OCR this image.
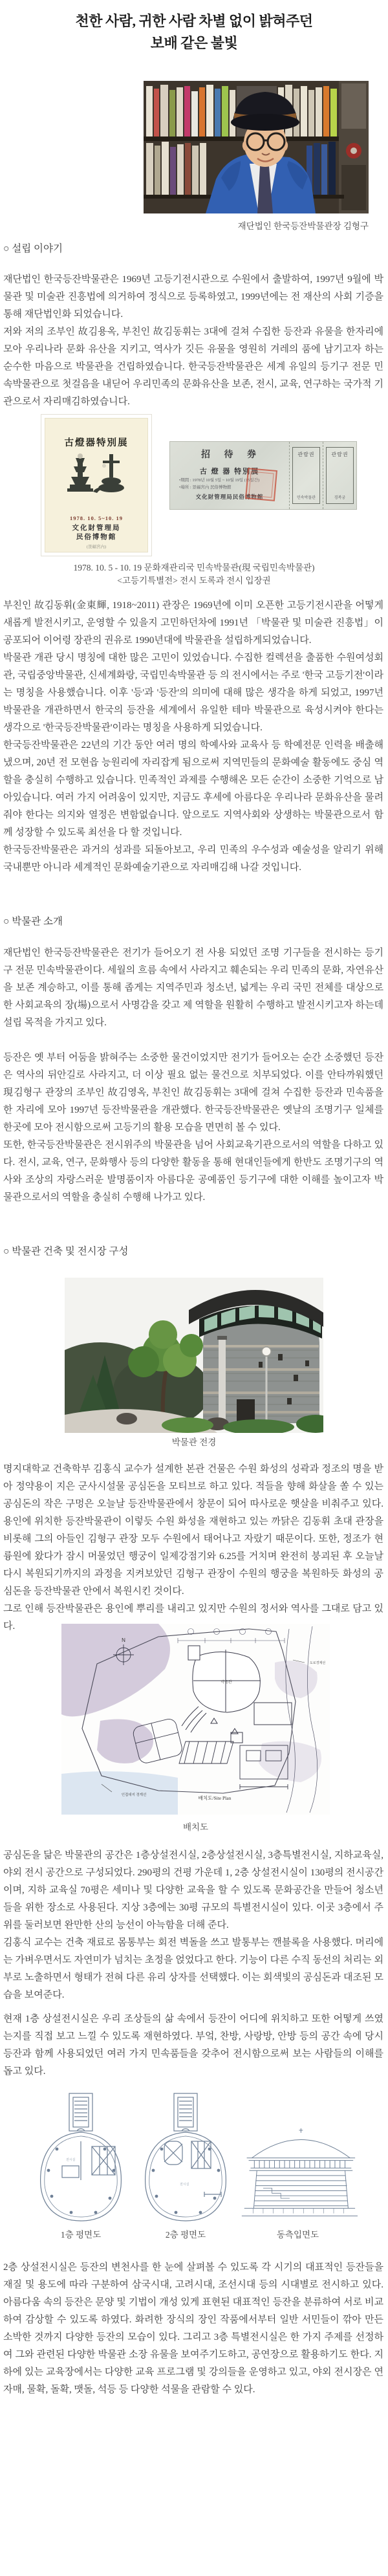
천한 사람, 귀한 사람 차별 없이 밝혀주던
보배 같은 불빛

재단법인 한국등잔박물관장 김형구

○ 설립 이야기

재단법인 한국등잔박물관은 1969년 고등기전시관으로 수원에서 출발하여, 1997년 9월에 박물관 및 미술관 진흥법에 의거하여 정식으로 등록하였고, 1999년에는 전 재산의 사회 기증을 통해 재단법인화 되었습니다.

저와 저의 조부인 故김용옥, 부친인 故김동휘는 3대에 걸쳐 수집한 등잔과 유물을 한자리에 모아 우리나라 문화 유산을 지키고, 역사가 깃든 유물을 영원히 겨레의 품에 남기고자 하는 순수한 마음으로 박물관을 건립하였습니다. 한국등잔박물관은 세계 유일의 등기구 전문 민속박물관으로 첫걸음을 내딛어 우리민족의 문화유산을 보존, 전시, 교육, 연구하는 국가적 기관으로서 자리매김하였습니다.

古燈器特別展
1978. 10. 5~10. 19
文化財管理局
民俗博物館
(景福宮內)
招 待 券
古 燈 器 特別展
•期間 : 1978년 10월 5일 ~ 10월 19일 (15일간)
•場所 : 景福宮內 民俗博物館
文化財管理局民俗博物館
관람권
민속박물관
관람권
경복궁

1978. 10. 5 - 10. 19 문화재관리국 민속박물관(現 국립민속박물관)

<고등기특별전> 전시 도록과 전시 입장권

부친인 故김동휘(金東輝, 1918~2011) 관장은 1969년에 이미 오픈한 고등기전시관을 어떻게 새롭게 발전시키고, 운영할 수 있을지 고민하던차에 1991년 「박물관 및 미술관 진흥법」이 공포되어 이어령 장관의 권유로 1990년대에 박물관을 설립하게되었습니다.

박물관 개관 당시 명칭에 대한 많은 고민이 있었습니다. 수집한 컬렉션을 출품한 수원여성회관, 국립중앙박물관, 신세계화랑, 국립민속박물관 등 의 전시에서는 주로 '한국 고등기전'이라는 명칭을 사용했습니다. 이후 '등'과 '등잔'의 의미에 대해 많은 생각을 하게 되었고, 1997년 박물관을 개관하면서 한국의 등잔을 세계에서 유일한 테마 박물관으로 육성시켜야 한다는 생각으로 '한국등잔박물관'이라는 명칭을 사용하게 되었습니다.

한국등잔박물관은 22년의 기간 동안 여러 명의 학예사와 교육사 등 학예전문 인력을 배출해냈으며, 20년 전 모현읍 능원리에 자리잡게 됨으로써 지역민들의 문화예술 활동에도 중심 역할을 충실히 수행하고 있습니다. 민족적인 과제를 수행해온 모든 순간이 소중한 기억으로 남아있습니다. 여러 가지 어려움이 있지만, 지금도 후세에 아름다운 우리나라 문화유산을 물려줘야 한다는 의지와 열정은 변함없습니다. 앞으로도 지역사회와 상생하는 박물관으로서 함께 성장할 수 있도록 최선을 다 할 것입니다.

한국등잔박물관은 과거의 성과를 되돌아보고, 우리 민족의 우수성과 예술성을 알리기 위해 국내뿐만 아니라 세계적인 문화예술기관으로 자리매김해 나갈 것입니다.

○ 박물관 소개

재단법인 한국등잔박물관은 전기가 들어오기 전 사용 되었던 조명 기구들을 전시하는 등기구 전문 민속박물관이다. 세월의 흐름 속에서 사라지고 훼손되는 우리 민족의 문화, 자연유산을 보존 계승하고, 이를 통해 좁게는 지역주민과 청소년, 넓게는 우리 국민 전체를 대상으로 한 사회교육의 장(場)으로서 사명감을 갖고 제 역할을 원활히 수행하고 발전시키고자 하는데 설립 목적을 가지고 있다.

등잔은 옛 부터 어둠을 밝혀주는 소중한 물건이었지만 전기가 들어오는 순간 소중했던 등잔은 역사의 뒤안길로 사라지고, 더 이상 필요 없는 물건으로 치부되었다. 이를 안타까워했던 現김형구 관장의 조부인 故김영옥, 부친인 故김동휘는 3대에 걸쳐 수집한 등잔과 민속품을 한 자리에 모아 1997년 등잔박물관을 개관했다. 한국등잔박물관은 옛날의 조명기구 일체를 한곳에 모아 전시함으로써 고등기의 활용 모습을 면면히 볼 수 있다.

또한, 한국등잔박물관은 전시위주의 박물관을 넘어 사회교육기관으로서의 역할을 다하고 있다. 전시, 교육, 연구, 문화행사 등의 다양한 활동을 통해 현대인들에게 한반도 조명기구의 역사와 조상의 자랑스러운 발명품이자 아름다운 공예품인 등기구에 대한 이해를 높이고자 박물관으로서의 역할을 충실히 수행해 나가고 있다.

○ 박물관 건축 및 전시장 구성
박물관 전경

명지대학교 건축학부 김홍식 교수가 설계한 본관 건물은 수원 화성의 성곽과 정조의 명을 받아 정약용이 지은 군사시설물 공심돈을 모티브로 하고 있다. 적들을 향해 화살을 쏠 수 있는 공심돈의 작은 구멍은 오늘날 등잔박물관에서 창문이 되어 따사로운 햇살을 비춰주고 있다. 용인에 위치한 등잔박물관이 이렇듯 수원 화성을 재현하고 있는 까닭은 김동휘 초대 관장을 비롯해 그의 아들인 김형구 관장 모두 수원에서 태어나고 자랐기 때문이다. 또한, 정조가 현륭원에 왔다가 잠시 머물었던 행궁이 일제강점기와 6.25를 거치며 완전히 붕괴된 후 오늘날 다시 복원되기까지의 과정을 지켜보았던 김형구 관장이 수원의 행궁을 복원하듯 화성의 공심돈을 등잔박물관 안에서 복원시킨 것이다.

그로 인해 등잔박물관은 용인에 뿌리를 내리고 있지만 수원의 정서와 역사를 그대로 담고 있다.

N
박물관
배치도/Site Plan
인접대지 경계선
도로경계선
배치도

공심돈을 닮은 박물관의 공간은 1층상설전시실, 2층상설전시실, 3층특별전시실, 지하교육실, 야외 전시 공간으로 구성되었다. 290평의 건평 가운데 1, 2층 상설전시실이 130평의 전시공간이며, 지하 교육실 70평은 세미나 및 다양한 교육을 할 수 있도록 문화공간을 만들어 청소년들을 위한 장소로 사용된다. 지상 3층에는 30평 규모의 특별전시실이 있다. 이곳 3층에서 주위를 둘러보면 완만한 산의 능선이 아늑함을 더해 준다.

김홍식 교수는 건축 재료로 몸통부는 회전 벽돌을 쓰고 발통부는 깬블록을 사용했다. 머리에는 가벼우면서도 자연미가 넘치는 초정을 얹었다고 한다. 기능이 다른 수직 동선의 처리는 외부로 노출하면서 형태가 전혀 다른 유리 상자를 선택했다. 이는 회색빛의 공심돈과 대조된 모습을 보여준다.

현재 1층 상설전시실은 우리 조상들의 삶 속에서 등잔이 어디에 위치하고 또한 어떻게 쓰였는지를 직접 보고 느낄 수 있도록 재현하였다. 부엌, 찬방, 사랑방, 안방 등의 공간 속에 당시 등잔과 함께 사용되었던 여러 가지 민속품들을 갖추어 전시함으로써 보는 사람들의 이해를 돕고 있다.

전시실

1층 평면도

전시실

2층 평면도	동측입면도

2층 상설전시실은 등잔의 변천사를 한 눈에 살펴볼 수 있도록 각 시기의 대표적인 등잔들을 재질 및 용도에 따라 구분하여 삼국시대, 고려시대, 조선시대 등의 시대별로 전시하고 있다. 아름다움 속의 등잔은 문양 및 기법이 개성 있게 표현된 대표적인 등잔을 분류하여 서로 비교하여 감상할 수 있도록 하였다. 화려한 장식의 장인 작품에서부터 일반 서민들이 깎아 만든 소박한 것까지 다양한 등잔의 모습이 있다. 그리고 3층 특별전시실은 한 가지 주제를 선정하여 그와 관련된 다양한 박물관 소장 유물을 보여주기도하고, 공연장으로 활용하기도 한다. 지하에 있는 교육장에서는 다양한 교육 프로그램 및 강의들을 운영하고 있고, 야외 전시장은 연자매, 물확, 돌확, 맷돌, 석등 등 다양한 석물을 관람할 수 있다.
